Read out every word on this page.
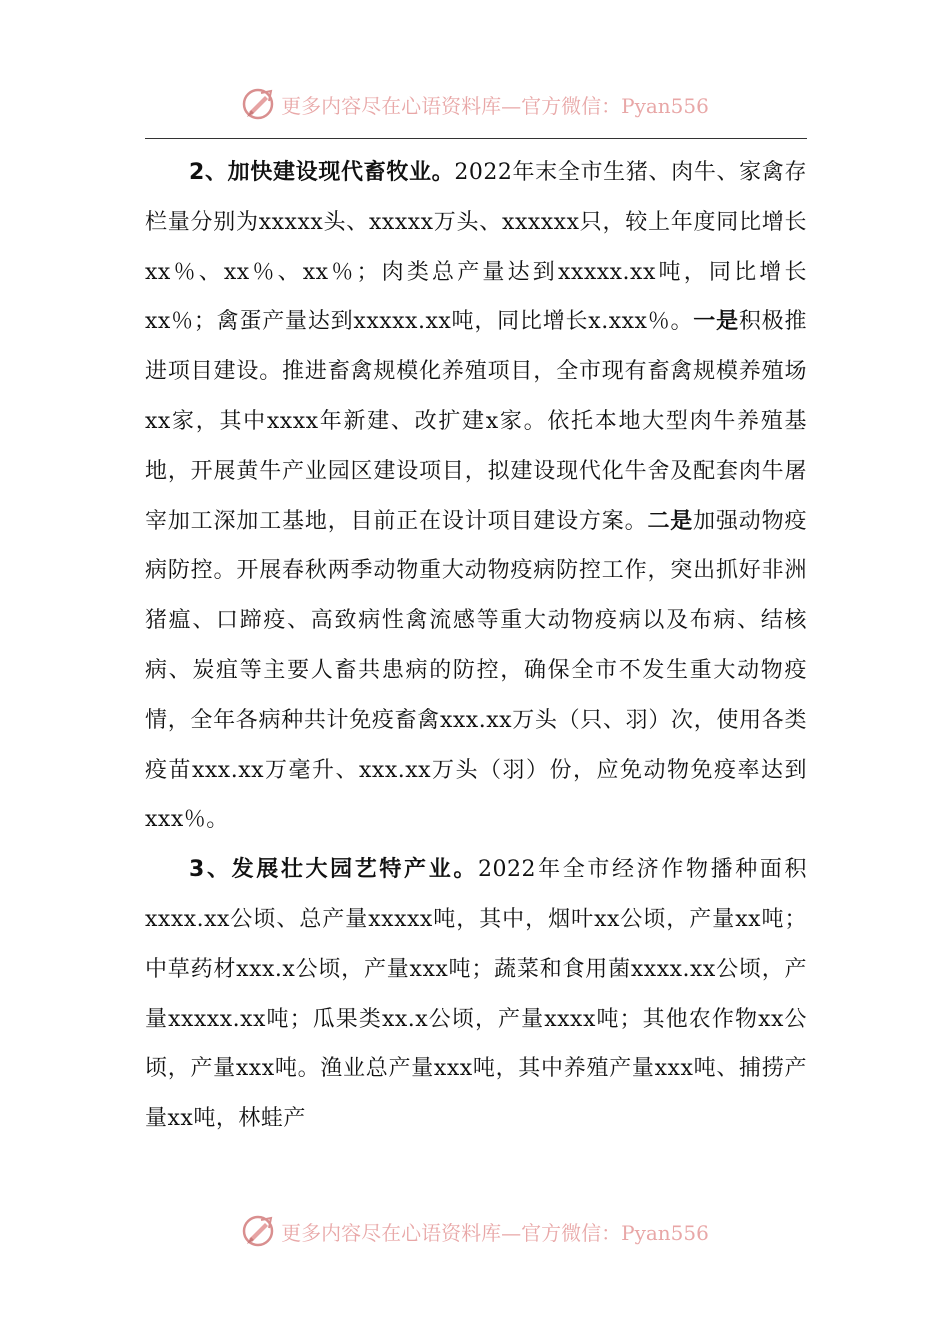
更多内容尽在心语资料库—官方微信：Pyan556

2、加快建设现代畜牧业。2022年末全市生猪、肉牛、家禽存栏量分别为xxxxx头、xxxxx万头、xxxxxx只，较上年度同比增长xx％、xx％、xx％；肉类总产量达到xxxxx.xx吨，同比增长xx％；禽蛋产量达到xxxxx.xx吨，同比增长x.xxx％。一是积极推进项目建设。推进畜禽规模化养殖项目，全市现有畜禽规模养殖场xx家，其中xxxx年新建、改扩建x家。依托本地大型肉牛养殖基地，开展黄牛产业园区建设项目，拟建设现代化牛舍及配套肉牛屠宰加工深加工基地，目前正在设计项目建设方案。二是加强动物疫病防控。开展春秋两季动物重大动物疫病防控工作，突出抓好非洲猪瘟、口蹄疫、高致病性禽流感等重大动物疫病以及布病、结核病、炭疽等主要人畜共患病的防控，确保全市不发生重大动物疫情，全年各病种共计免疫畜禽xxx.xx万头（只、羽）次，使用各类疫苗xxx.xx万毫升、xxx.xx万头（羽）份，应免动物免疫率达到xxx％。

3、发展壮大园艺特产业。2022年全市经济作物播种面积xxxx.xx公顷、总产量xxxxx吨，其中，烟叶xx公顷，产量xx吨；中草药材xxx.x公顷，产量xxx吨；蔬菜和食用菌xxxx.xx公顷，产量xxxxx.xx吨；瓜果类xx.x公顷，产量xxxx吨；其他农作物xx公顷，产量xxx吨。渔业总产量xxx吨，其中养殖产量xxx吨、捕捞产量xx吨，林蛙产

更多内容尽在心语资料库—官方微信：Pyan556
